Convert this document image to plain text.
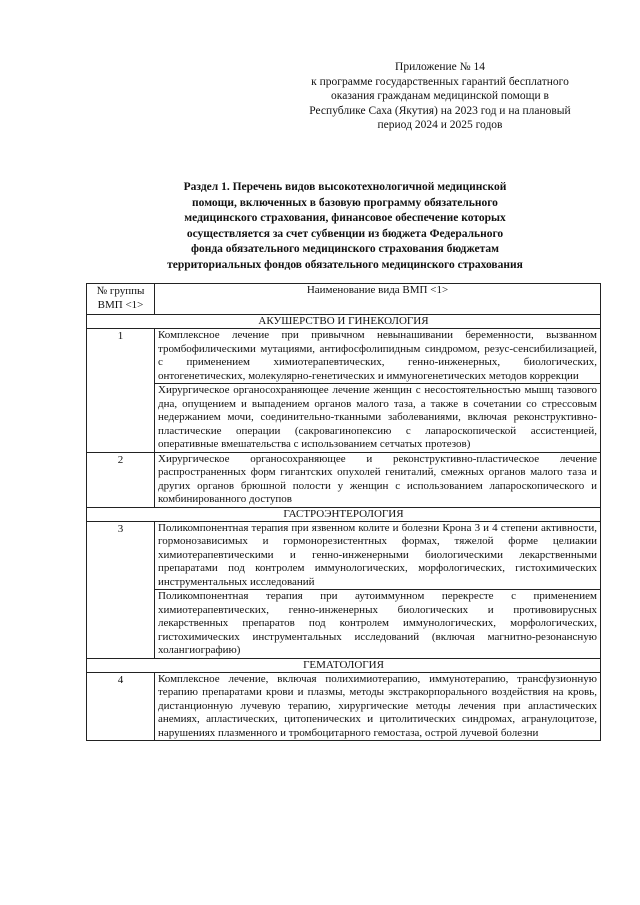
Приложение № 14
к программе государственных гарантий бесплатного
оказания гражданам медицинской помощи в
Республике Саха (Якутия) на 2023 год и на плановый
период 2024 и 2025 годов
Раздел 1. Перечень видов высокотехнологичной медицинской
помощи, включенных в базовую программу обязательного
медицинского страхования, финансовое обеспечение которых
осуществляется за счет субвенции из бюджета Федерального
фонда обязательного медицинского страхования бюджетам
территориальных фондов обязательного медицинского страхования
№ группы
ВМП <1>	Наименование вида ВМП <1>
АКУШЕРСТВО И ГИНЕКОЛОГИЯ	
1	Комплексное лечение при привычном невынашивании беременности, вызванном тромбофилическими мутациями, антифосфолипидным синдромом, резус-сенсибилизацией, с применением химиотерапевтических, генно-инженерных, биологических, онтогенетических, молекулярно-генетических и иммуногенетических методов коррекции
	Хирургическое органосохраняющее лечение женщин с несостоятельностью мышц тазового дна, опущением и выпадением органов малого таза, а также в сочетании со стрессовым недержанием мочи, соединительно-тканными заболеваниями, включая реконструктивно-пластические операции (сакровагинопексию с лапароскопической ассистенцией, оперативные вмешательства с использованием сетчатых протезов)
2	Хирургическое органосохраняющее и реконструктивно-пластическое лечение распространенных форм гигантских опухолей гениталий, смежных органов малого таза и других органов брюшной полости у женщин с использованием лапароскопического и комбинированного доступов
ГАСТРОЭНТЕРОЛОГИЯ	
3	Поликомпонентная терапия при язвенном колите и болезни Крона 3 и 4 степени активности, гормонозависимых и гормонорезистентных формах, тяжелой форме целиакии химиотерапевтическими и генно-инженерными биологическими лекарственными препаратами под контролем иммунологических, морфологических, гистохимических инструментальных исследований
	Поликомпонентная терапия при аутоиммунном перекресте с применением химиотерапевтических, генно-инженерных биологических и противовирусных лекарственных препаратов под контролем иммунологических, морфологических, гистохимических инструментальных исследований (включая магнитно-резонансную холангиографию)
ГЕМАТОЛОГИЯ	
4	Комплексное лечение, включая полихимиотерапию, иммунотерапию, трансфузионную терапию препаратами крови и плазмы, методы экстракорпорального воздействия на кровь, дистанционную лучевую терапию, хирургические методы лечения при апластических анемиях, апластических, цитопенических и цитолитических синдромах, агранулоцитозе, нарушениях плазменного и тромбоцитарного гемостаза, острой лучевой болезни
